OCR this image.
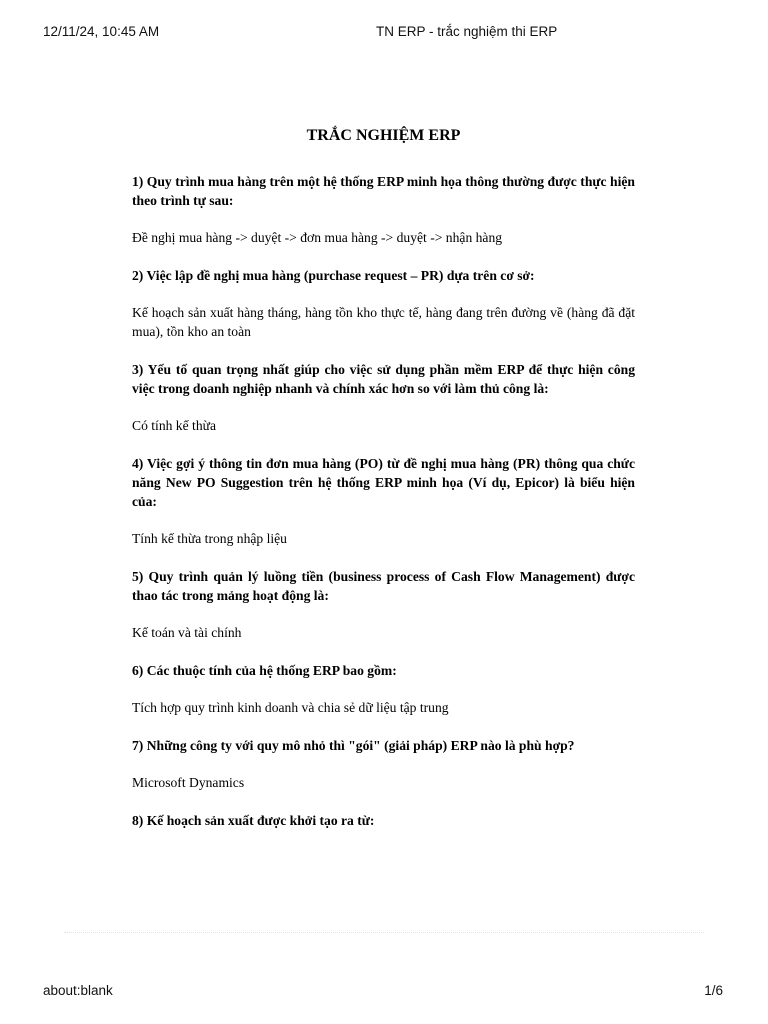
12/11/24, 10:45 AM	TN ERP - trắc nghiệm thi ERP
TRẮC NGHIỆM ERP

1) Quy trình mua hàng trên một hệ thống ERP minh họa thông thường được thực hiện theo trình tự sau:

Đề nghị mua hàng -> duyệt -> đơn mua hàng -> duyệt -> nhận hàng

2) Việc lập đề nghị mua hàng (purchase request – PR) dựa trên cơ sở:

Kế hoạch sản xuất hàng tháng, hàng tồn kho thực tế, hàng đang trên đường về (hàng đã đặt mua), tồn kho an toàn

3) Yếu tố quan trọng nhất giúp cho việc sử dụng phần mềm ERP để thực hiện công việc trong doanh nghiệp nhanh và chính xác hơn so với làm thủ công là:

Có tính kế thừa

4) Việc gợi ý thông tin đơn mua hàng (PO) từ đề nghị mua hàng (PR) thông qua chức năng New PO Suggestion trên hệ thống ERP minh họa (Ví dụ, Epicor) là biểu hiện của:

Tính kế thừa trong nhập liệu

5) Quy trình quản lý luồng tiền (business process of Cash Flow Management) được thao tác trong mảng hoạt động là:

Kế toán và tài chính

6) Các thuộc tính của hệ thống ERP bao gồm:

Tích hợp quy trình kinh doanh và chia sẻ dữ liệu tập trung

7) Những công ty với quy mô nhỏ thì "gói" (giải pháp) ERP nào là phù hợp?

Microsoft Dynamics

8) Kế hoạch sản xuất được khởi tạo ra từ:

about:blank	1/6
